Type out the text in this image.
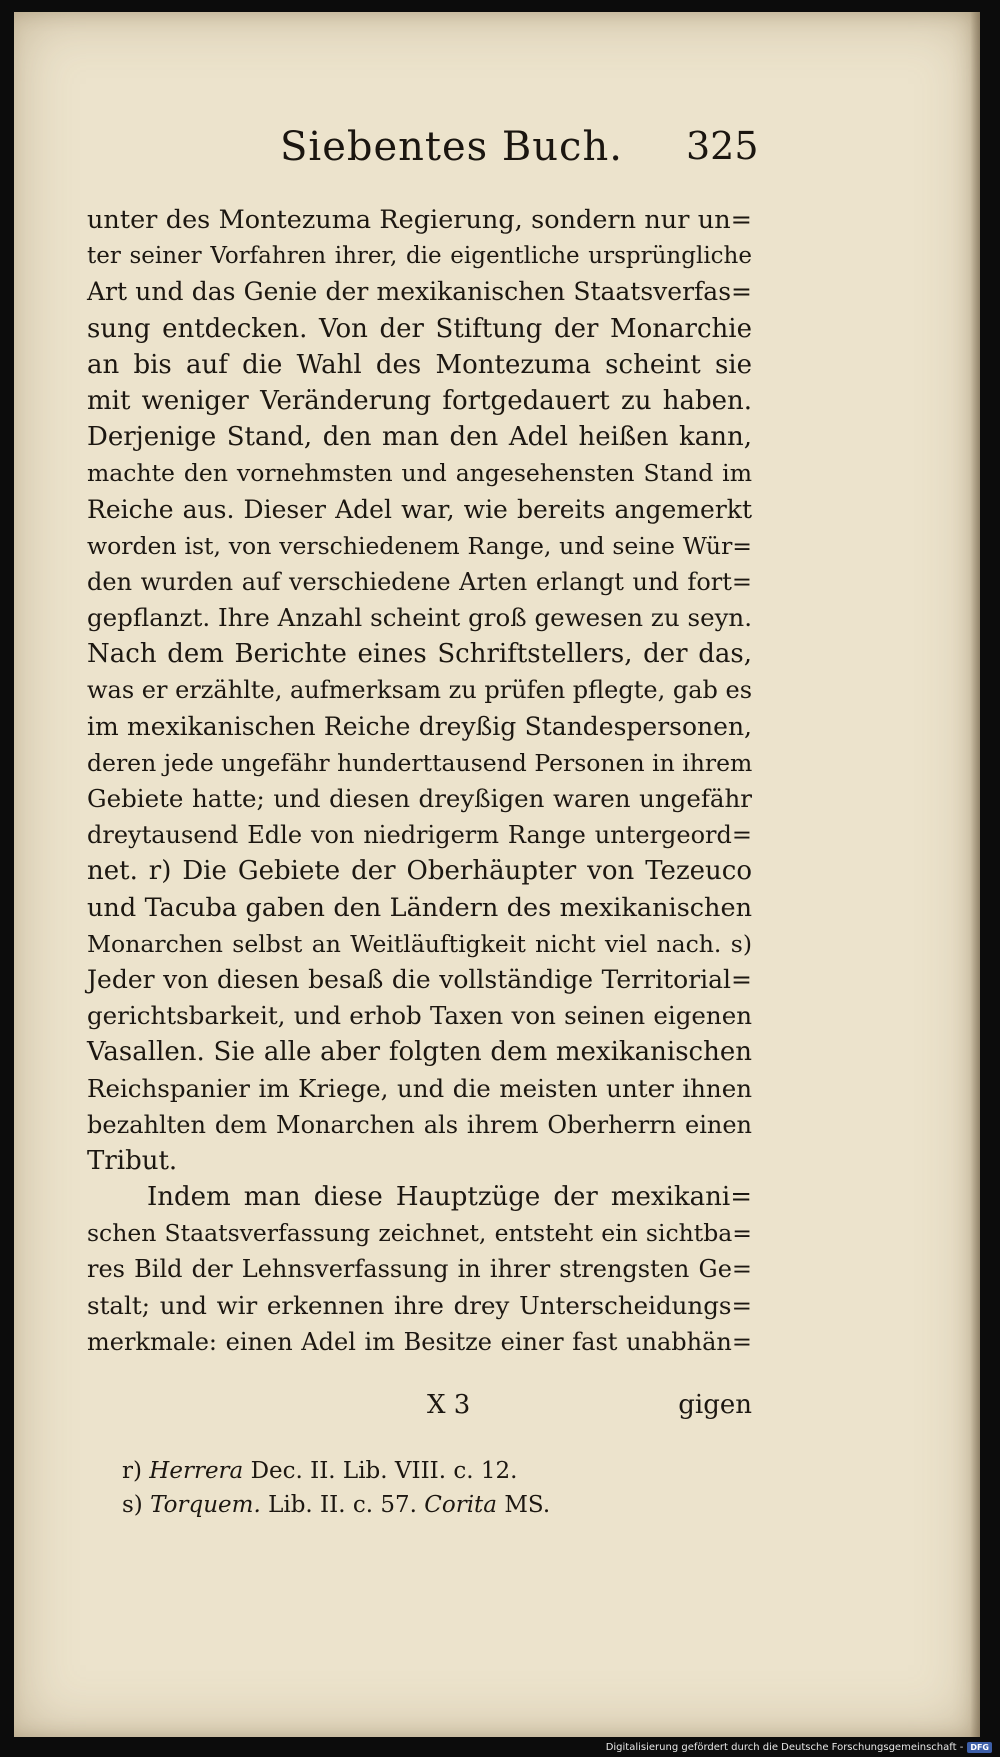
Siebentes Buch. 325
unter des Montezuma Regierung, sondern nur un=
ter seiner Vorfahren ihrer, die eigentliche ursprüngliche
Art und das Genie der mexikanischen Staatsverfas=
sung entdecken. Von der Stiftung der Monarchie
an bis auf die Wahl des Montezuma scheint sie
mit weniger Veränderung fortgedauert zu haben.
Derjenige Stand, den man den Adel heißen kann,
machte den vornehmsten und angesehensten Stand im
Reiche aus. Dieser Adel war, wie bereits angemerkt
worden ist, von verschiedenem Range, und seine Wür=
den wurden auf verschiedene Arten erlangt und fort=
gepflanzt. Ihre Anzahl scheint groß gewesen zu seyn.
Nach dem Berichte eines Schriftstellers, der das,
was er erzählte, aufmerksam zu prüfen pflegte, gab es
im mexikanischen Reiche dreyßig Standespersonen,
deren jede ungefähr hunderttausend Personen in ihrem
Gebiete hatte; und diesen dreyßigen waren ungefähr
dreytausend Edle von niedrigerm Range untergeord=
net. r) Die Gebiete der Oberhäupter von Tezeuco
und Tacuba gaben den Ländern des mexikanischen
Monarchen selbst an Weitläuftigkeit nicht viel nach. s)
Jeder von diesen besaß die vollständige Territorial=
gerichtsbarkeit, und erhob Taxen von seinen eigenen
Vasallen. Sie alle aber folgten dem mexikanischen
Reichspanier im Kriege, und die meisten unter ihnen
bezahlten dem Monarchen als ihrem Oberherrn einen
Tribut.
Indem man diese Hauptzüge der mexikani=
schen Staatsverfassung zeichnet, entsteht ein sichtba=
res Bild der Lehnsverfassung in ihrer strengsten Ge=
stalt; und wir erkennen ihre drey Unterscheidungs=
merkmale: einen Adel im Besitze einer fast unabhän=
X 3	gigen
r) Herrera Dec. II. Lib. VIII. c. 12.
s) Torquem. Lib. II. c. 57. Corita MS.
Digitalisierung gefördert durch die Deutsche Forschungsgemeinschaft - DFG
